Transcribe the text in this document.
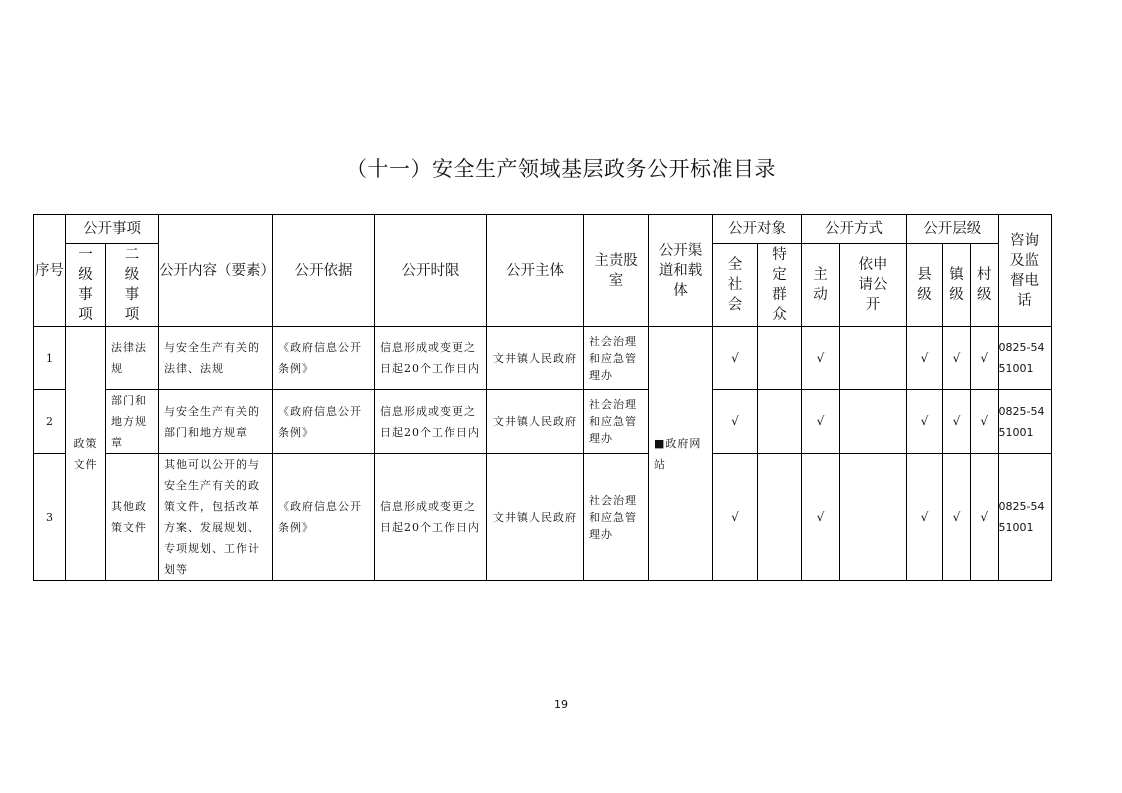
（十一）安全生产领域基层政务公开标准目录
序号	公开事项		公开内容（要素）	公开依据	公开时限	公开主体	主责股室	公开渠道和载体	公开对象		公开方式		公开层级			咨询及监督电话
	一级事项	二级事项							全社会	特定群众	主动	依申请公开	县级	镇级	村级	
1	政策文件	法律法规	与安全生产有关的法律、法规	《政府信息公开条例》	信息形成或变更之日起20个工作日内	文井镇人民政府	社会治理和应急管理办	■政府网站	√		√		√	√	√	0825-5451001

2		部门和地方规章	与安全生产有关的部门和地方规章	《政府信息公开条例》	信息形成或变更之日起20个工作日内	文井镇人民政府	社会治理和应急管理办		√		√		√	√	√	0825-5451001

3		其他政策文件	其他可以公开的与安全生产有关的政策文件，包括改革方案、发展规划、专项规划、工作计划等	《政府信息公开条例》	信息形成或变更之日起20个工作日内	文井镇人民政府	社会治理和应急管理办		√		√		√	√	√	0825-5451001
19
